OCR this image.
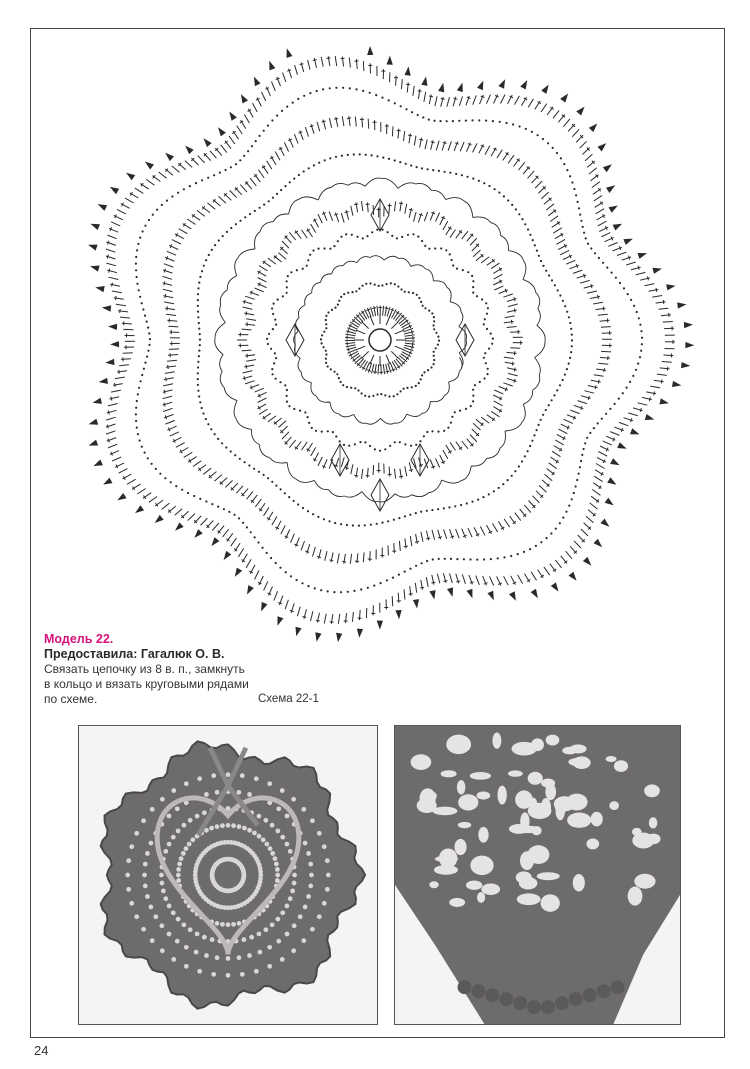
Модель 22.
Предоставила: Гагалюк О. В.
Связать цепочку из 8 в. п., замкнуть в кольцо и вязать круговыми рядами по схеме.	Схема 22-1
24
